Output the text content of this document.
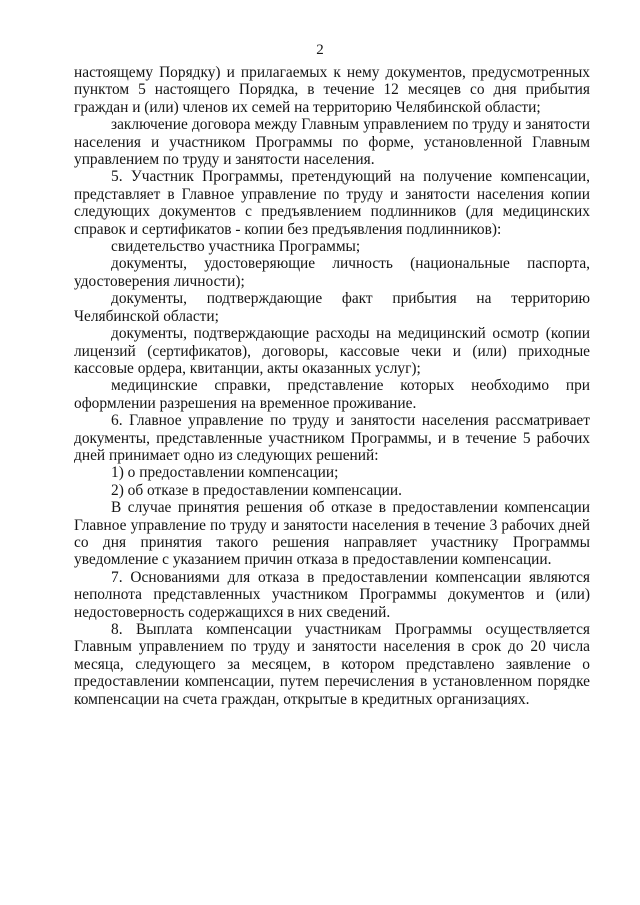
2

настоящему Порядку) и прилагаемых к нему документов, предусмотренных пунктом 5 настоящего Порядка, в течение 12 месяцев со дня прибытия граждан и (или) членов их семей на территорию Челябинской области;

заключение договора между Главным управлением по труду и занятости населения и участником Программы по форме, установленной Главным управлением по труду и занятости населения.

5. Участник Программы, претендующий на получение компенсации, представляет в Главное управление по труду и занятости населения копии следующих документов с предъявлением подлинников (для медицинских справок и сертификатов - копии без предъявления подлинников):

свидетельство участника Программы;

документы, удостоверяющие личность (национальные паспорта, удостоверения личности);

документы, подтверждающие факт прибытия на территорию Челябинской области;

документы, подтверждающие расходы на медицинский осмотр (копии лицензий (сертификатов), договоры, кассовые чеки и (или) приходные кассовые ордера, квитанции, акты оказанных услуг);

медицинские справки, представление которых необходимо при оформлении разрешения на временное проживание.

6. Главное управление по труду и занятости населения рассматривает документы, представленные участником Программы, и в течение 5 рабочих дней принимает одно из следующих решений:

1) о предоставлении компенсации;

2) об отказе в предоставлении компенсации.

В случае принятия решения об отказе в предоставлении компенсации Главное управление по труду и занятости населения в течение 3 рабочих дней со дня принятия такого решения направляет участнику Программы уведомление с указанием причин отказа в предоставлении компенсации.

7. Основаниями для отказа в предоставлении компенсации являются неполнота представленных участником Программы документов и (или) недостоверность содержащихся в них сведений.

8. Выплата компенсации участникам Программы осуществляется Главным управлением по труду и занятости населения в срок до 20 числа месяца, следующего за месяцем, в котором представлено заявление о предоставлении компенсации, путем перечисления в установленном порядке компенсации на счета граждан, открытые в кредитных организациях.
